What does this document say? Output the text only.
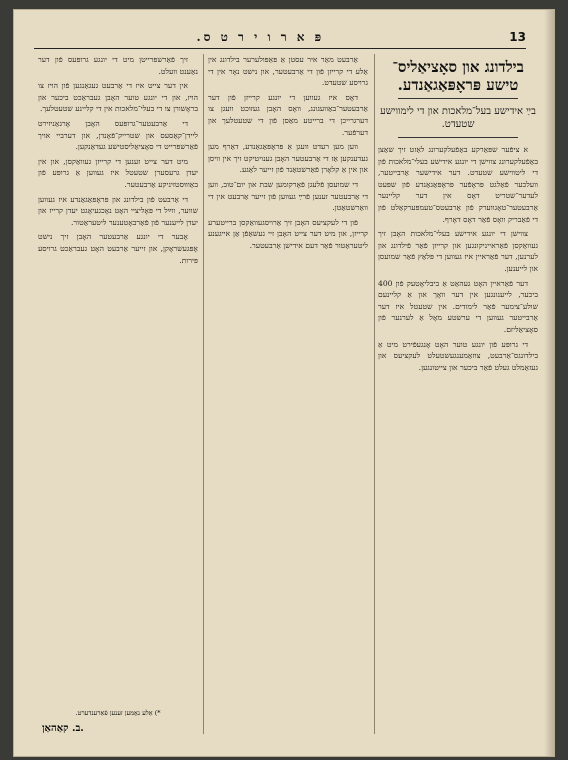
13
פּ א ר ו י ר ט ס.
בילדונג און סאָציאַליס־ טישע פּראָפּאַגאַנדע.
בײַ אידישע בעל־מלאכות און די לימווישע שטעדט.

א ציפֿער שפּאַרקע באַפֿעלקערונג לאַזט זיך שאַצן באַפֿעלקערונג צווישן די יונגע אידישע בעלי־מלאכות פֿון די ליטווישע שטעדט. דער אידישער אַרבייטער, וועלכער פֿאַלגט פּראָפֿער פּראָפּאַגאַנדע פֿון שפּעט לעדער־שטריט דאָס אין דער קליינער אַרבעטער־טאָגווערק פֿון אַרבעטס־טעמפּערקאַלט פֿון די פֿאַבריק וואָס פֿאַר דאָס דאָרף.

צווישן די יונגע אידישע בעלי־מלאכות האָבן זיך געוואַקסן פֿאַראייניקונגען און קרייזן פֿאַר פֿילדונג און לערנען, דער פֿאַראיין איז געווען די פּלאַץ פֿאַר שמועסן און לייענען.

דער פֿאַראיין האָט געהאַט אַ ביבליאָטעק פֿון 400 ביכער, לייענונגען אין דער וואָך און אַ קליינעם שולע־צימער פֿאַר לימודים. אין שטעטל איז דער אַרבייטער געווען די ערשטע מאָל אַ לערנער פֿון סאָציאַליזם.

די גרופּע פֿון יונגע טוער האָט אָנגעפֿירט מיט אַ בילדונגס־אַרבעט, צוזאַמענגעשטעלט לעקציעס און געזאַמלט געלט פֿאַר ביכער און צייטונגען.

אַרבעט מאַר איר עסטן אַ פּאַפּולערער בילדונג אין אַלע די קרייזן פֿון די אַרבעטער, און נישט נאָר אין די גרויסע שטעדט.

דאָס איז געווען די יונגע קרייזן פֿון דער אַרבעטער־באַוועגונג, וואָס האָבן געזוכט וועגן צו דערגרייכן די ברייטע מאַסן פֿון די שטעטלעך און דערפֿער.

ווען מען רעדט וועגן אַ פּראָפּאַגאַנדע, דאַרף מען געדענקען אַז די אַרבעטער האָבן גענויטיקט זיך אין וויסן און אין אַ קלאָרן פֿאַרשטאַנד פֿון זייער לאַגע.

די שמועסן פֿלעגן פֿאָרקומען שבת און יום־טוב, ווען די אַרבעטער זענען פֿרײַ געווען פֿון זייער אַרבעט אין די וואַרשטאַטן.

פֿון די לעקציעס האָבן זיך אַרויסגעוואַקסן ברייטערע קרייזן, און מיט דער צייט האָבן זיי געשאַפֿן אַן אייגענע ליטעראַטור פֿאַר דעם אידישן אַרבעטער.

זיך פֿאַרשפּרייטן מיט די יונגע גרופּעס פֿון דער נאַענט וועלט.

אין דער צייט איז די אַרבעט געגאַנגען פֿון הויז צו הויז, און די יונגע טוער האָבן געבראַכט ביכער און בראָשורן צו די בעלי־מלאכות אין די קליינע שטעטלעך.

די אַרבעטער־גרופּעס האָבן אָרגאַניזירט ליידן־קאַסעס און שטרייק־פֿאָנדן, און דערביי אויך פֿאַרשפּרייט די סאָציאַליסטישע געדאַנקען.

מיט דער צייט זענען די קרייזן געוואַקסן, און אין יעדן גרעסערן שטעטל איז געווען אַ גרופּע פֿון באַוווּסטזיניקע אַרבעטער.

די אַרבעט פֿון בילדונג און פּראָפּאַגאַנדע איז געווען שווער, ווײַל די פּאָליציי האָט נאָכגעיאָגט יעדן קרייז און יעדן לייענער פֿון פֿאַרבאָטענער ליטעראַטור.

אָבער די יונגע אַרבעטער האָבן זיך נישט אָפּגעשראָקן, און זייער אַרבעט האָט געבראַכט גרויסע פּירות.

*) אַלע נאָמען זענען פֿאַרענדערט.
ב. קאַהאַן.
